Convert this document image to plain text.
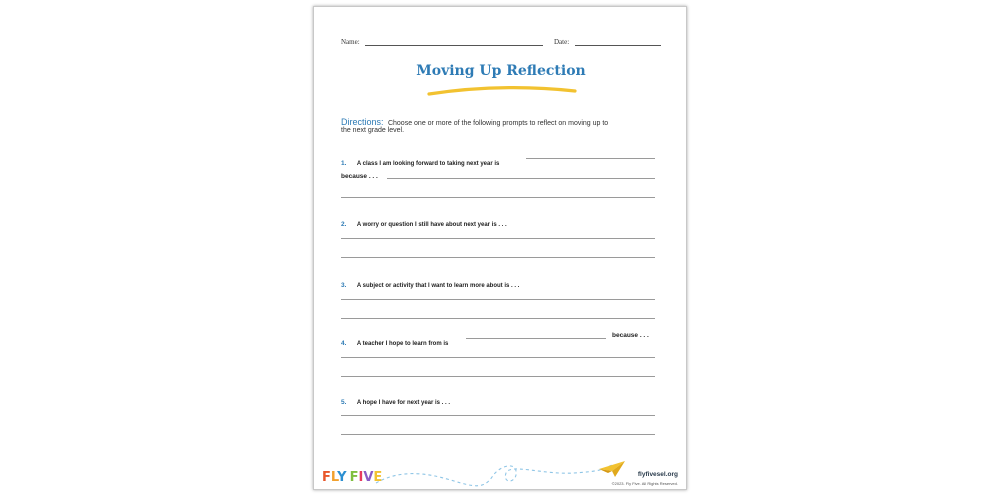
Name:	Date:
Moving Up Reflection
Directions: Choose one or more of the following prompts to reflect on moving up to
the next grade level.
1. A class I am looking forward to taking next year is
because . . .
2. A worry or question I still have about next year is . . .
3. A subject or activity that I want to learn more about is . . .
4. A teacher I hope to learn from is
because . . .
5. A hope I have for next year is . . .
FLY FIVE	flyfivesel.org
©2023. Fly Five. All Rights Reserved.
